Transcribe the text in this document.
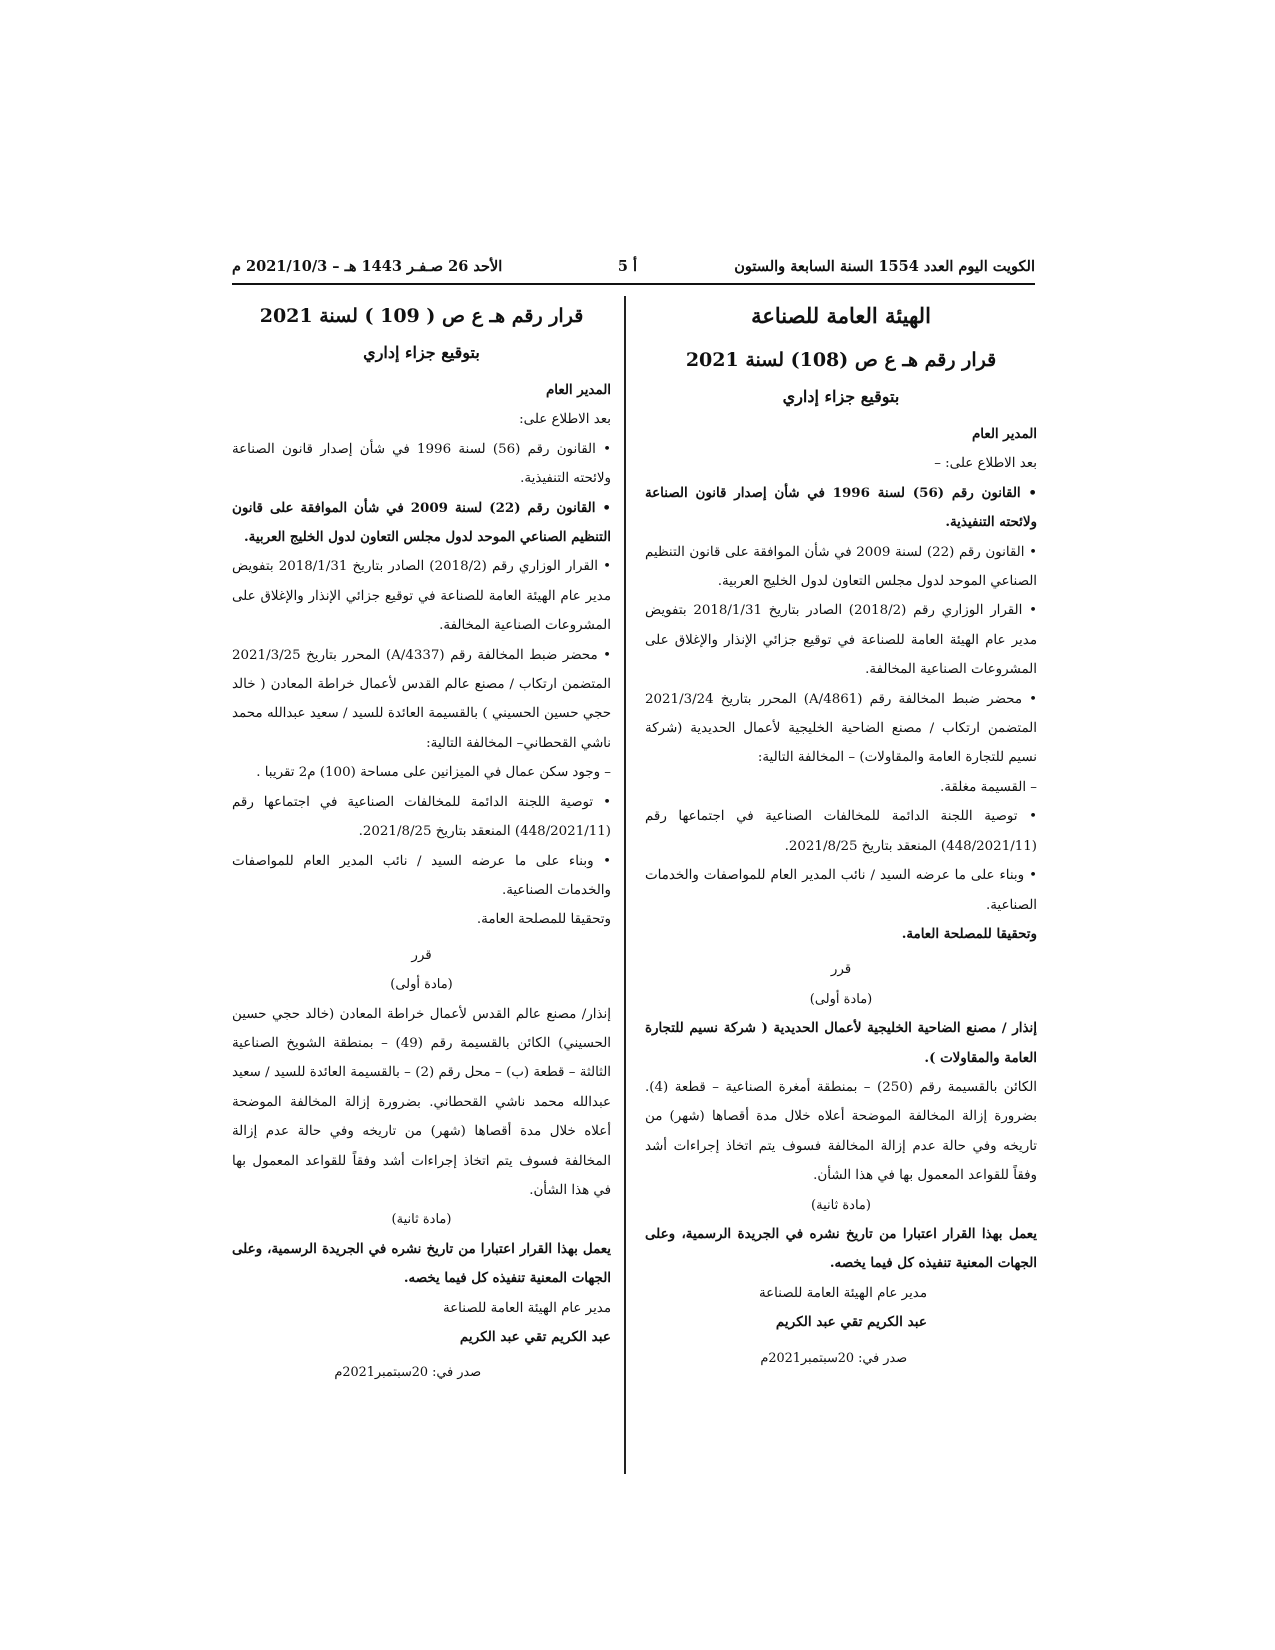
الكويت اليوم العدد 1554 السنة السابعة والستون
أ 5
الأحد 26 صـفـر 1443 هـ – 2021/10/3 م

الهيئة العامة للصناعة

قرار رقم هـ ع ص (108) لسنة 2021

بتوقيع جزاء إداري

المدير العام

بعد الاطلاع على: –

• القانون رقم (56) لسنة 1996 في شأن إصدار قانون الصناعة ولائحته التنفيذية.

• القانون رقم (22) لسنة 2009 في شأن الموافقة على قانون التنظيم الصناعي الموحد لدول مجلس التعاون لدول الخليج العربية.

• القرار الوزاري رقم (2018/2) الصادر بتاريخ 2018/1/31 بتفويض مدير عام الهيئة العامة للصناعة في توقيع جزائي الإنذار والإغلاق على المشروعات الصناعية المخالفة.

• محضر ضبط المخالفة رقم (4861/A) المحرر بتاريخ 2021/3/24 المتضمن ارتكاب / مصنع الضاحية الخليجية لأعمال الحديدية (شركة نسيم للتجارة العامة والمقاولات) – المخالفة التالية:

– القسيمة مغلقة.

• توصية اللجنة الدائمة للمخالفات الصناعية في اجتماعها رقم (448/2021/11) المنعقد بتاريخ 2021/8/25.

• وبناء على ما عرضه السيد / نائب المدير العام للمواصفات والخدمات الصناعية.

وتحقيقا للمصلحة العامة.

قرر

(مادة أولى)

إنذار / مصنع الضاحية الخليجية لأعمال الحديدية ( شركة نسيم للتجارة العامة والمقاولات ).

الكائن بالقسيمة رقم (250) – بمنطقة أمغرة الصناعية – قطعة (4). بضرورة إزالة المخالفة الموضحة أعلاه خلال مدة أقصاها (شهر) من تاريخه وفي حالة عدم إزالة المخالفة فسوف يتم اتخاذ إجراءات أشد وفقاً للقواعد المعمول بها في هذا الشأن.

(مادة ثانية)

يعمل بهذا القرار اعتبارا من تاريخ نشره في الجريدة الرسمية، وعلى الجهات المعنية تنفيذه كل فيما يخصه.

مدير عام الهيئة العامة للصناعة

عبد الكريم تقي عبد الكريم

صدر في: 20سبتمبر2021م

قرار رقم هـ ع ص ( 109 ) لسنة 2021

بتوقيع جزاء إداري

المدير العام

بعد الاطلاع على:

• القانون رقم (56) لسنة 1996 في شأن إصدار قانون الصناعة ولائحته التنفيذية.

• القانون رقم (22) لسنة 2009 في شأن الموافقة على قانون التنظيم الصناعي الموحد لدول مجلس التعاون لدول الخليج العربية.

• القرار الوزاري رقم (2018/2) الصادر بتاريخ 2018/1/31 بتفويض مدير عام الهيئة العامة للصناعة في توقيع جزائي الإنذار والإغلاق على المشروعات الصناعية المخالفة.

• محضر ضبط المخالفة رقم (4337/A) المحرر بتاريخ 2021/3/25 المتضمن ارتكاب / مصنع عالم القدس لأعمال خراطة المعادن ( خالد حجي حسين الحسيني ) بالقسيمة العائدة للسيد / سعيد عبدالله محمد ناشي القحطاني– المخالفة التالية:

– وجود سكن عمال في الميزانين على مساحة (100) م2 تقريبا .

• توصية اللجنة الدائمة للمخالفات الصناعية في اجتماعها رقم (448/2021/11) المنعقد بتاريخ 2021/8/25.

• وبناء على ما عرضه السيد / نائب المدير العام للمواصفات والخدمات الصناعية.

وتحقيقا للمصلحة العامة.

قرر

(مادة أولى)

إنذار/ مصنع عالم القدس لأعمال خراطة المعادن (خالد حجي حسين الحسيني) الكائن بالقسيمة رقم (49) – بمنطقة الشويخ الصناعية الثالثة – قطعة (ب) – محل رقم (2) – بالقسيمة العائدة للسيد / سعيد عبدالله محمد ناشي القحطاني. بضرورة إزالة المخالفة الموضحة أعلاه خلال مدة أقصاها (شهر) من تاريخه وفي حالة عدم إزالة المخالفة فسوف يتم اتخاذ إجراءات أشد وفقاً للقواعد المعمول بها في هذا الشأن.

(مادة ثانية)

يعمل بهذا القرار اعتبارا من تاريخ نشره في الجريدة الرسمية، وعلى الجهات المعنية تنفيذه كل فيما يخصه.

مدير عام الهيئة العامة للصناعة

عبد الكريم تقي عبد الكريم

صدر في: 20سبتمبر2021م
